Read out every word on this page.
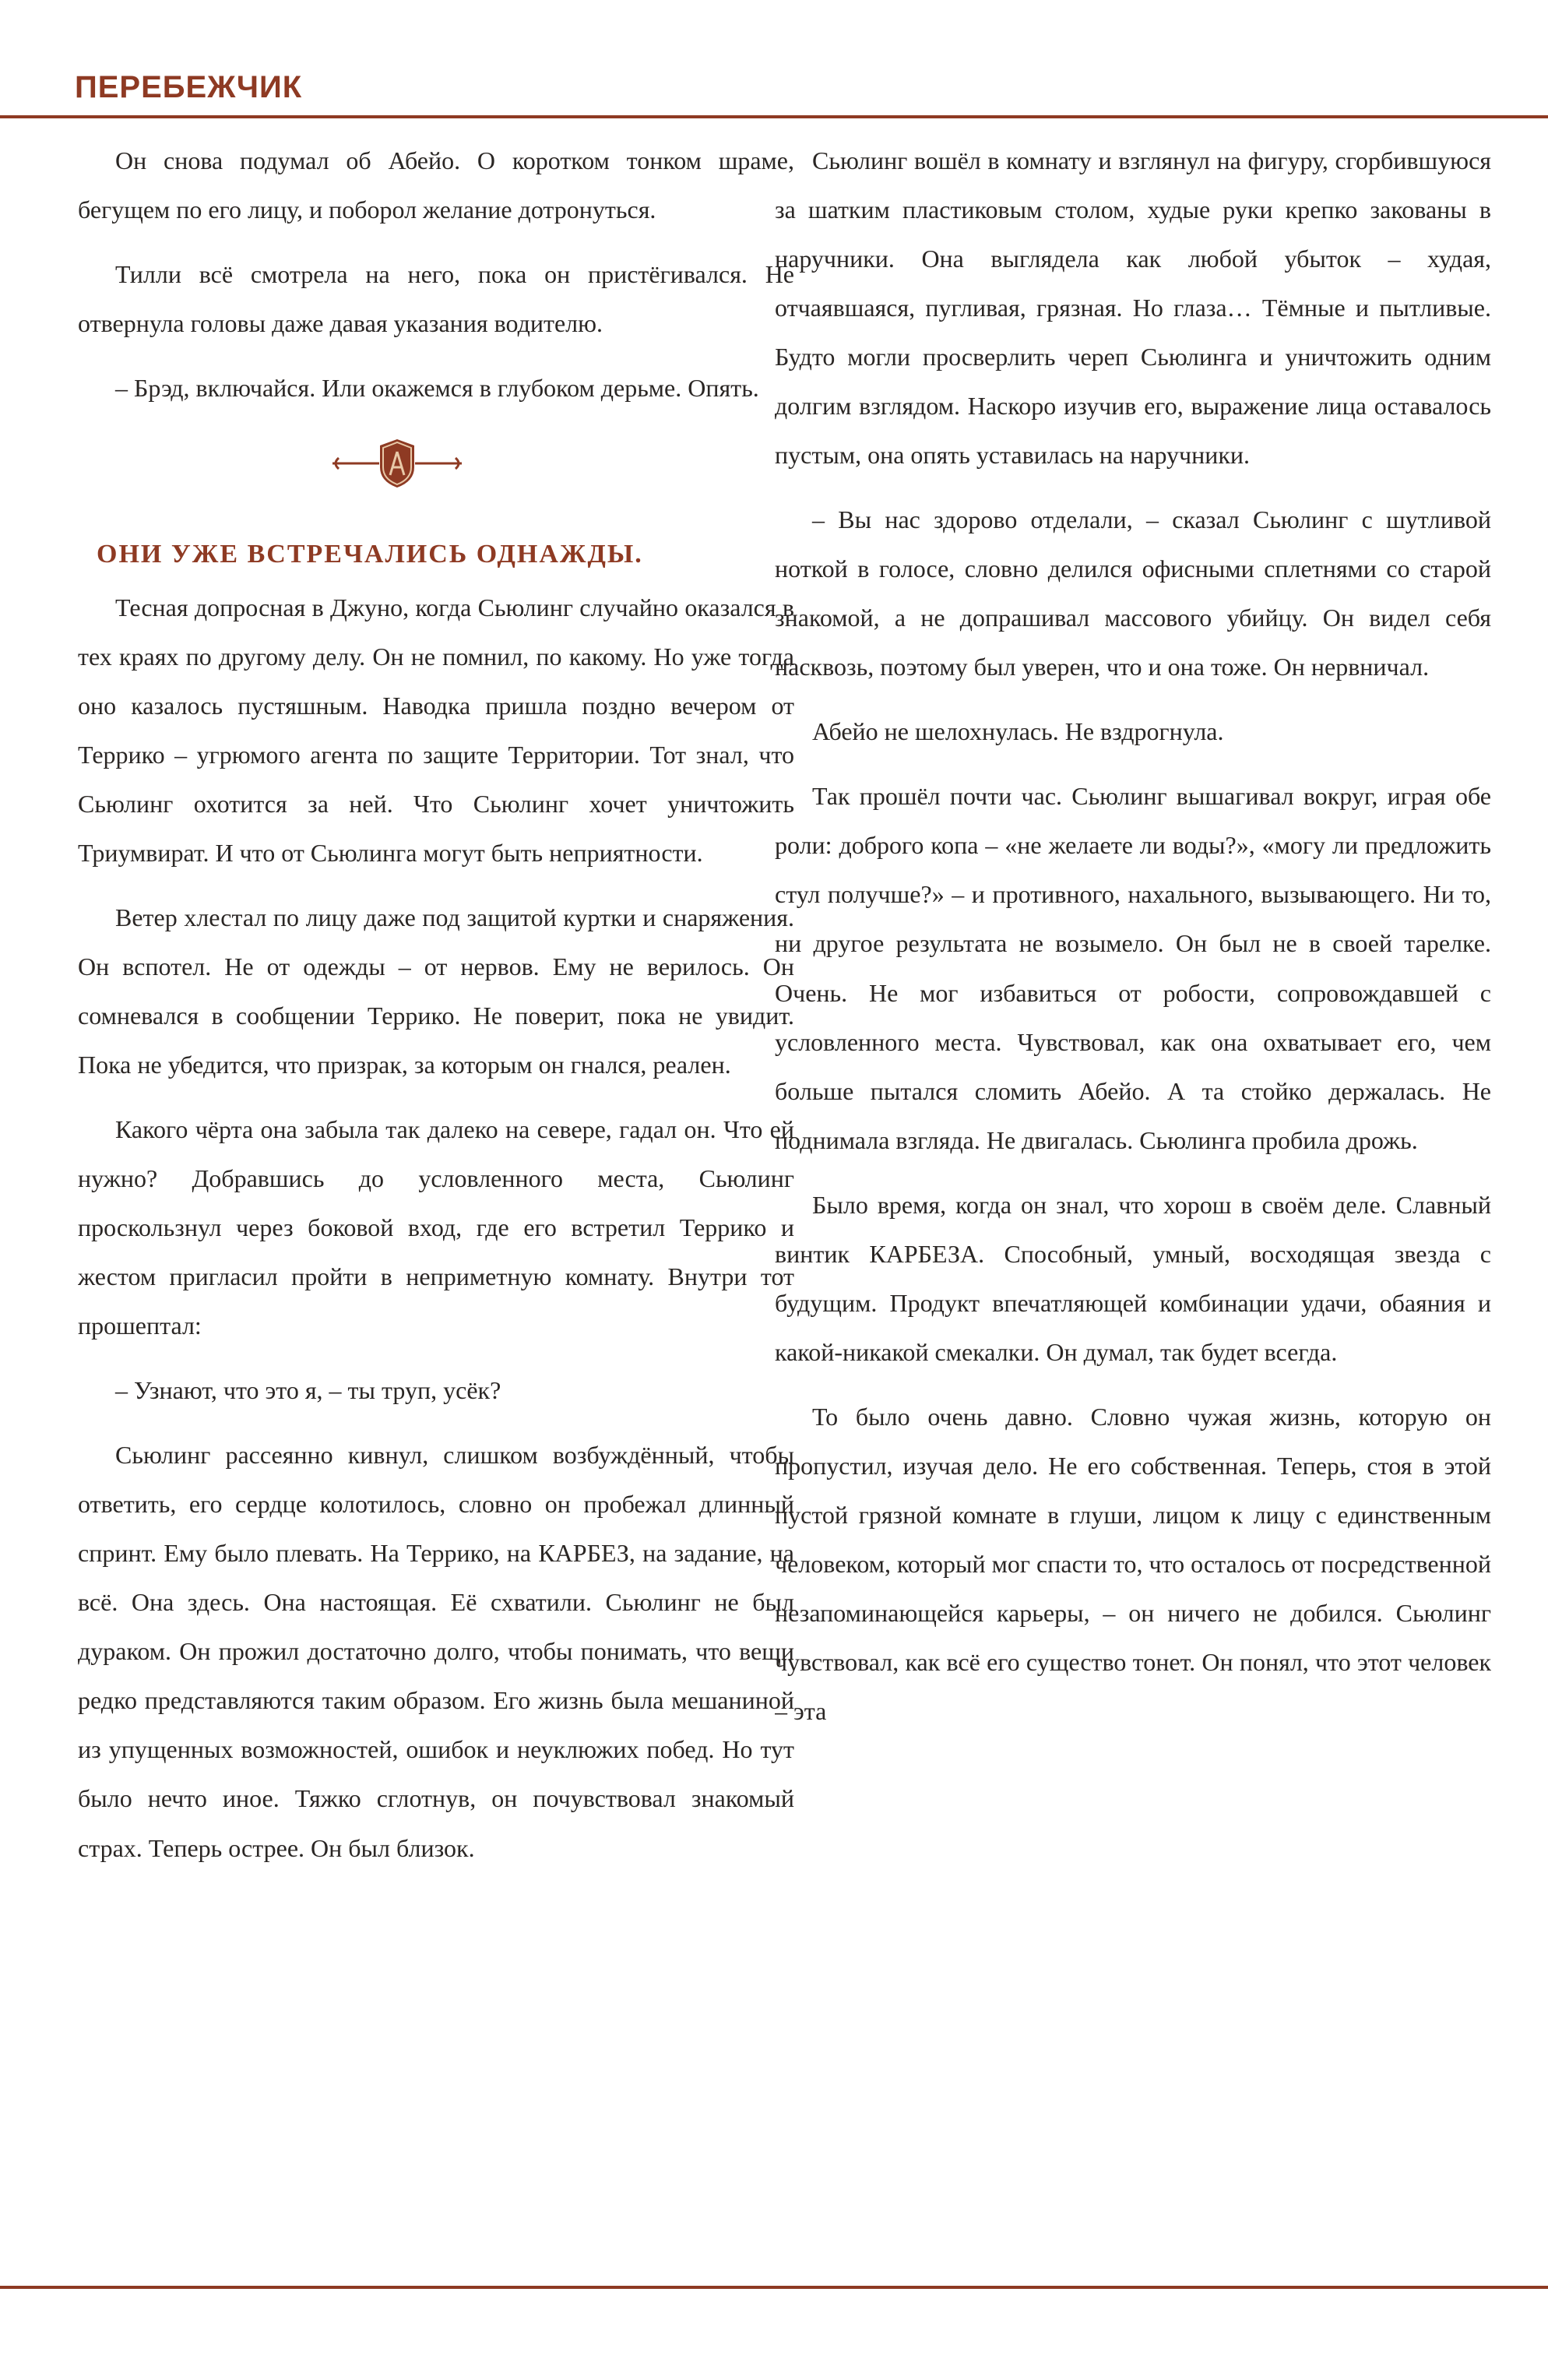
ПЕРЕБЕЖЧИК

Он снова подумал об Абейо. О коротком тонком шраме, бегущем по его лицу, и поборол желание дотронуться.

Тилли всё смотрела на него, пока он пристёгивался. Не отвернула головы даже давая указания водителю.

– Брэд, включайся. Или окажемся в глубоком дерьме. Опять.

ОНИ УЖЕ ВСТРЕЧАЛИСЬ ОДНАЖДЫ.

Тесная допросная в Джуно, когда Сьюлинг случайно оказался в тех краях по другому делу. Он не помнил, по какому. Но уже тогда оно казалось пустяшным. Наводка пришла поздно вечером от Террико – угрюмого агента по защите Территории. Тот знал, что Сьюлинг охотится за ней. Что Сьюлинг хочет уничтожить Триумвират. И что от Сьюлинга могут быть неприятности.

Ветер хлестал по лицу даже под защитой куртки и снаряжения. Он вспотел. Не от одежды – от нервов. Ему не верилось. Он сомневался в сообщении Террико. Не поверит, пока не увидит. Пока не убедится, что призрак, за которым он гнался, реален.

Какого чёрта она забыла так далеко на севере, гадал он. Что ей нужно? Добравшись до условленного места, Сьюлинг проскользнул через боковой вход, где его встретил Террико и жестом пригласил пройти в неприметную комнату. Внутри тот прошептал:

– Узнают, что это я, – ты труп, усёк?

Сьюлинг рассеянно кивнул, слишком возбуждённый, чтобы ответить, его сердце колотилось, словно он пробежал длинный спринт. Ему было плевать. На Террико, на КАРБЕЗ, на задание, на всё. Она здесь. Она настоящая. Её схватили. Сьюлинг не был дураком. Он прожил достаточно долго, чтобы понимать, что вещи редко представляются таким образом. Его жизнь была мешаниной из упущенных возможностей, ошибок и неуклюжих побед. Но тут было нечто иное. Тяжко сглотнув, он почувствовал знакомый страх. Теперь острее. Он был близок.

Сьюлинг вошёл в комнату и взглянул на фигуру, сгорбившуюся за шатким пластиковым столом, худые руки крепко закованы в наручники. Она выглядела как любой убыток – худая, отчаявшаяся, пугливая, грязная. Но глаза… Тёмные и пытливые. Будто могли просверлить череп Сьюлинга и уничтожить одним долгим взглядом. Наскоро изучив его, выражение лица оставалось пустым, она опять уставилась на наручники.

– Вы нас здорово отделали, – сказал Сьюлинг с шутливой ноткой в голосе, словно делился офисными сплетнями со старой знакомой, а не допрашивал массового убийцу. Он видел себя насквозь, поэтому был уверен, что и она тоже. Он нервничал.

Абейо не шелохнулась. Не вздрогнула.

Так прошёл почти час. Сьюлинг вышагивал вокруг, играя обе роли: доброго копа – «не желаете ли воды?», «могу ли предложить стул получше?» – и противного, нахального, вызывающего. Ни то, ни другое результата не возымело. Он был не в своей тарелке. Очень. Не мог избавиться от робости, сопровождавшей с условленного места. Чувствовал, как она охватывает его, чем больше пытался сломить Абейо. А та стойко держалась. Не поднимала взгляда. Не двигалась. Сьюлинга пробила дрожь.

Было время, когда он знал, что хорош в своём деле. Славный винтик КАРБЕЗА. Способный, умный, восходящая звезда с будущим. Продукт впечатляющей комбинации удачи, обаяния и какой-никакой смекалки. Он думал, так будет всегда.

То было очень давно. Словно чужая жизнь, которую он пропустил, изучая дело. Не его собственная. Теперь, стоя в этой пустой грязной комнате в глуши, лицом к лицу с единственным человеком, который мог спасти то, что осталось от посредственной незапоминающейся карьеры, – он ничего не добился. Сьюлинг чувствовал, как всё его существо тонет. Он понял, что этот человек – эта
